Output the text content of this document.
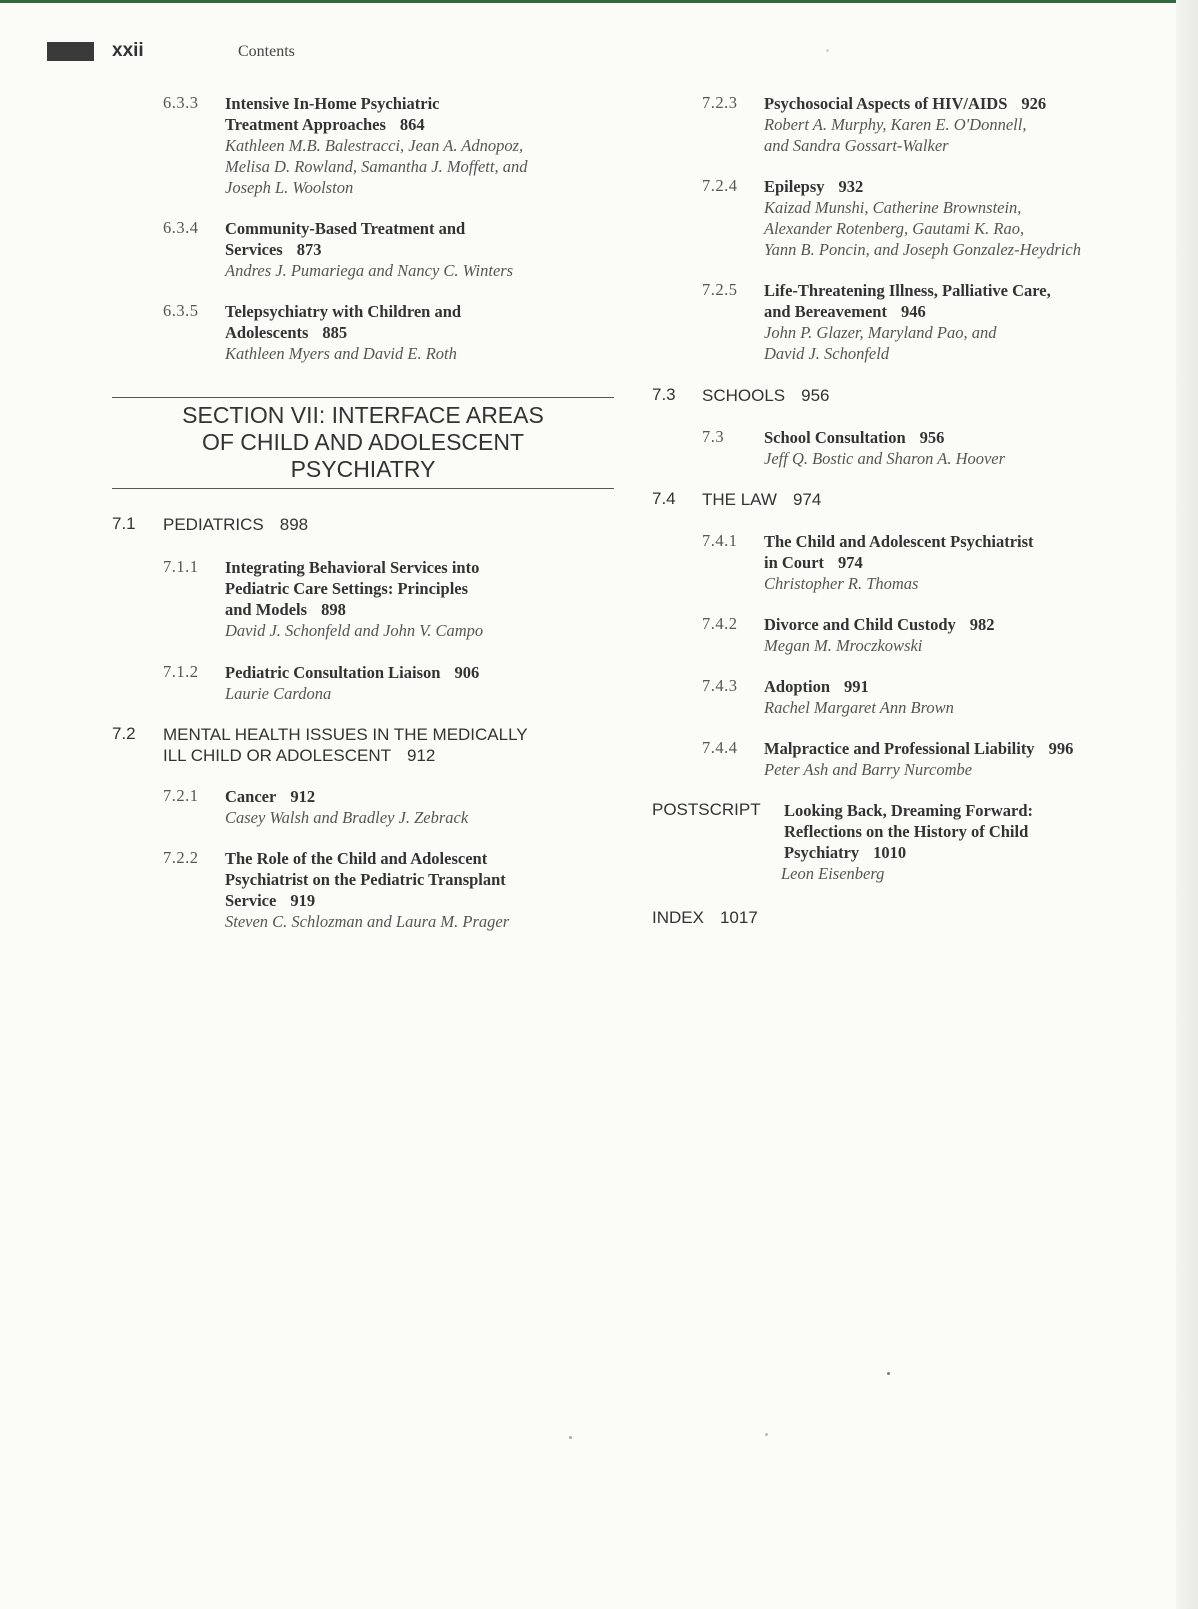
xxii	Contents
6.3.3 Intensive In-Home Psychiatric
Treatment Approaches 864
Kathleen M.B. Balestracci, Jean A. Adnopoz,
Melisa D. Rowland, Samantha J. Moffett, and
Joseph L. Woolston
6.3.4 Community-Based Treatment and
Services 873
Andres J. Pumariega and Nancy C. Winters
6.3.5 Telepsychiatry with Children and
Adolescents 885
Kathleen Myers and David E. Roth
SECTION VII: INTERFACE AREAS
OF CHILD AND ADOLESCENT
PSYCHIATRY
7.1 PEDIATRICS 898
7.1.1 Integrating Behavioral Services into
Pediatric Care Settings: Principles
and Models 898
David J. Schonfeld and John V. Campo
7.1.2 Pediatric Consultation Liaison 906
Laurie Cardona
7.2 MENTAL HEALTH ISSUES IN THE MEDICALLY
ILL CHILD OR ADOLESCENT 912
7.2.1 Cancer 912
Casey Walsh and Bradley J. Zebrack
7.2.2 The Role of the Child and Adolescent
Psychiatrist on the Pediatric Transplant
Service 919
Steven C. Schlozman and Laura M. Prager
7.2.3 Psychosocial Aspects of HIV/AIDS 926
Robert A. Murphy, Karen E. O'Donnell,
and Sandra Gossart-Walker
7.2.4 Epilepsy 932
Kaizad Munshi, Catherine Brownstein,
Alexander Rotenberg, Gautami K. Rao,
Yann B. Poncin, and Joseph Gonzalez-Heydrich
7.2.5 Life-Threatening Illness, Palliative Care,
and Bereavement 946
John P. Glazer, Maryland Pao, and
David J. Schonfeld
7.3 SCHOOLS 956
7.3 School Consultation 956
Jeff Q. Bostic and Sharon A. Hoover
7.4 THE LAW 974
7.4.1 The Child and Adolescent Psychiatrist
in Court 974
Christopher R. Thomas
7.4.2 Divorce and Child Custody 982
Megan M. Mroczkowski
7.4.3 Adoption 991
Rachel Margaret Ann Brown
7.4.4 Malpractice and Professional Liability 996
Peter Ash and Barry Nurcombe
POSTSCRIPT Looking Back, Dreaming Forward:
Reflections on the History of Child
Psychiatry 1010
Leon Eisenberg
INDEX 1017
